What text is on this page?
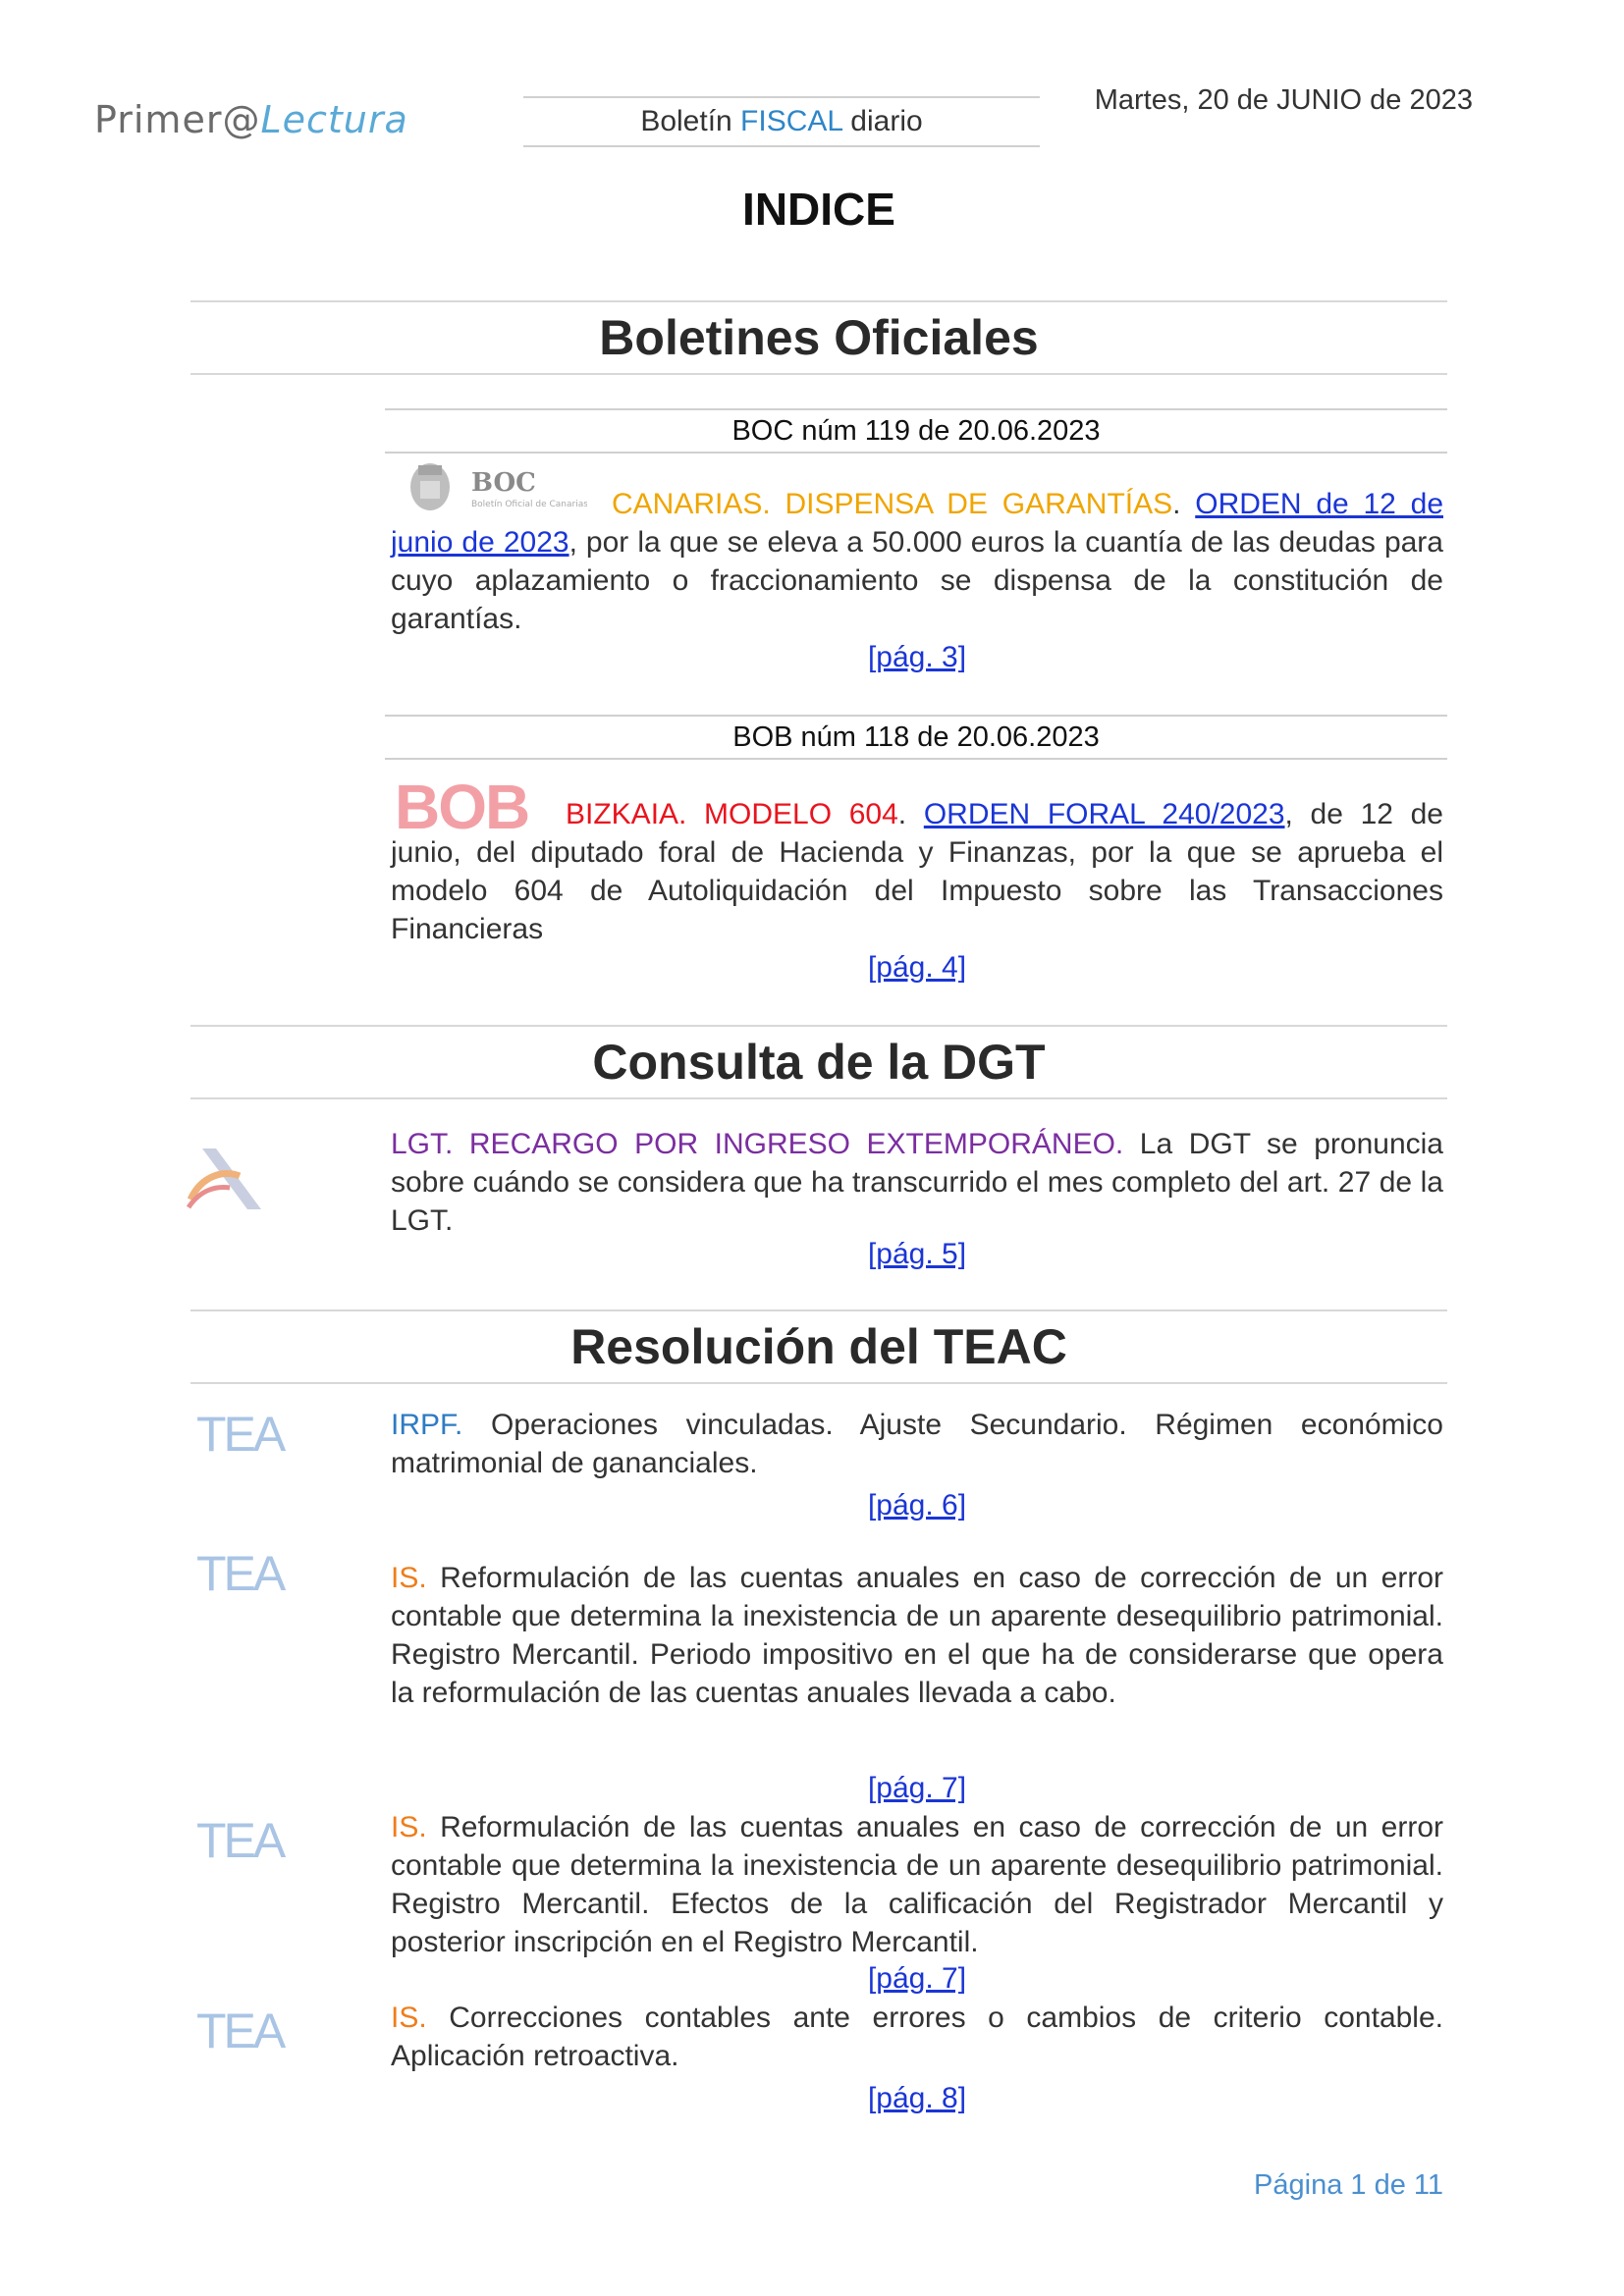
Primer@Lectura	Boletín FISCAL diario
Martes, 20 de JUNIO de 2023
INDICE
Boletines Oficiales
BOC núm 119 de 20.06.2023
BOC
Boletín Oficial de Canarias CANARIAS. DISPENSA DE GARANTÍAS. ORDEN de 12 de junio de 2023, por la que se eleva a 50.000 euros la cuantía de las deudas para cuyo aplazamiento o fraccionamiento se dispensa de la constitución de garantías.
[pág. 3]
BOB núm 118 de 20.06.2023
BOB	BIZKAIA. MODELO 604. ORDEN FORAL 240/2023, de 12 de junio, del diputado foral de Hacienda y Finanzas, por la que se aprueba el modelo 604 de Autoliquidación del Impuesto sobre las Transacciones Financieras
[pág. 4]
Consulta de la DGT
LGT. RECARGO POR INGRESO EXTEMPORÁNEO. La DGT se pronuncia sobre cuándo se considera que ha transcurrido el mes completo del art. 27 de la LGT.
[pág. 5]
Resolución del TEAC
TEA	IRPF. Operaciones vinculadas. Ajuste Secundario. Régimen económico matrimonial de gananciales.
[pág. 6]
TEA	IS. Reformulación de las cuentas anuales en caso de corrección de un error contable que determina la inexistencia de un aparente desequilibrio patrimonial. Registro Mercantil. Periodo impositivo en el que ha de considerarse que opera la reformulación de las cuentas anuales llevada a cabo.
[pág. 7]
TEA	IS. Reformulación de las cuentas anuales en caso de corrección de un error contable que determina la inexistencia de un aparente desequilibrio patrimonial. Registro Mercantil. Efectos de la calificación del Registrador Mercantil y posterior inscripción en el Registro Mercantil.
[pág. 7]
TEA	IS. Correcciones contables ante errores o cambios de criterio contable. Aplicación retroactiva.
[pág. 8]
Página 1 de 11
